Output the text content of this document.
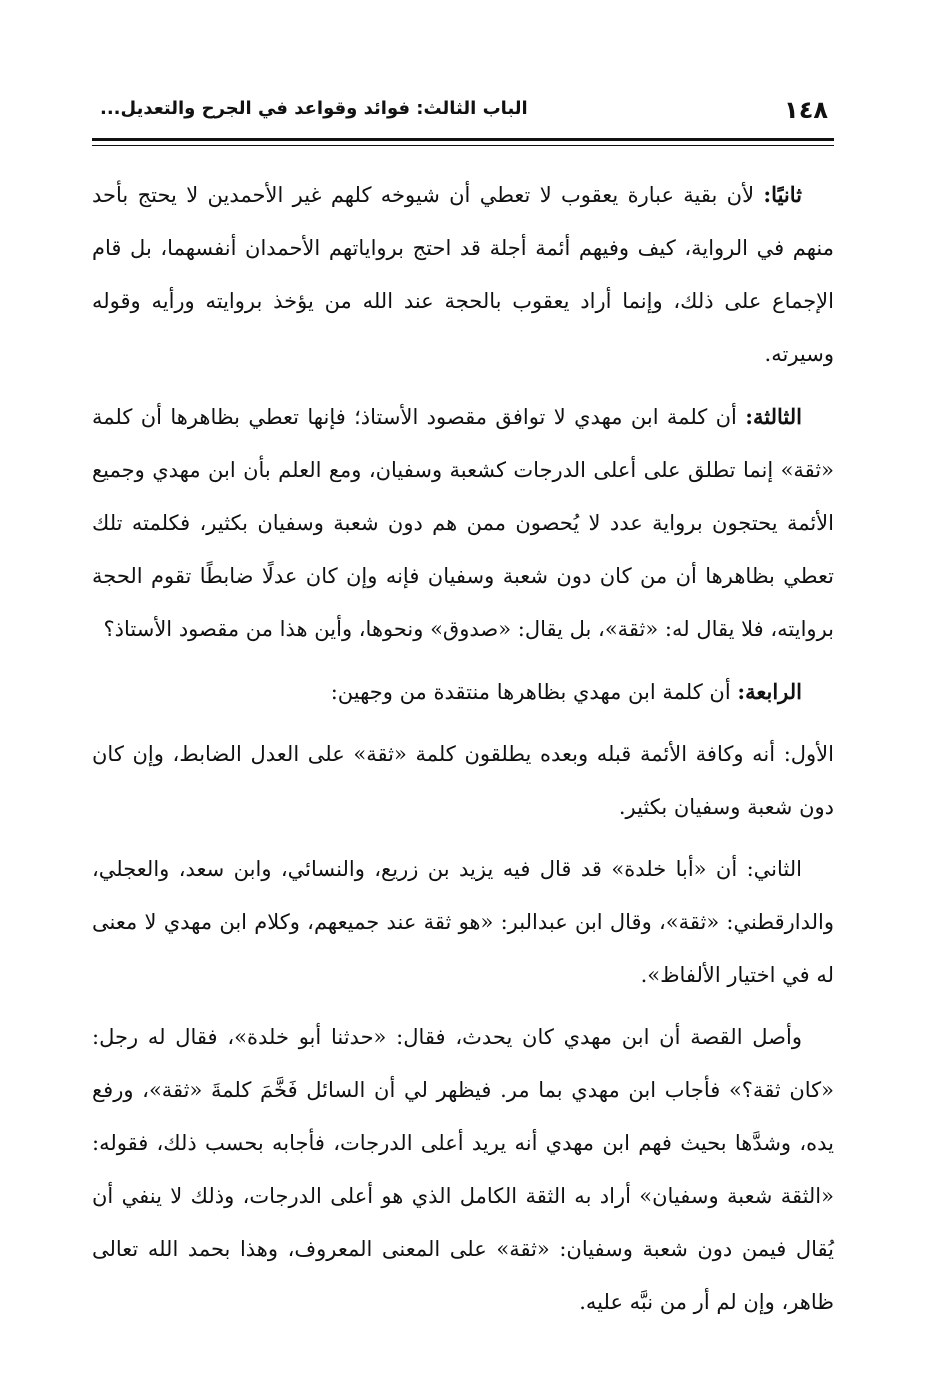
١٤٨
الباب الثالث: فوائد وقواعد في الجرح والتعديل...

ثانيًا: لأن بقية عبارة يعقوب لا تعطي أن شيوخه كلهم غير الأحمدين لا يحتج بأحد منهم في الرواية، كيف وفيهم أئمة أجلة قد احتج برواياتهم الأحمدان أنفسهما، بل قام الإجماع على ذلك، وإنما أراد يعقوب بالحجة عند الله من يؤخذ بروايته ورأيه وقوله وسيرته.

الثالثة: أن كلمة ابن مهدي لا توافق مقصود الأستاذ؛ فإنها تعطي بظاهرها أن كلمة «ثقة» إنما تطلق على أعلى الدرجات كشعبة وسفيان، ومع العلم بأن ابن مهدي وجميع الأئمة يحتجون برواية عدد لا يُحصون ممن هم دون شعبة وسفيان بكثير، فكلمته تلك تعطي بظاهرها أن من كان دون شعبة وسفيان فإنه وإن كان عدلًا ضابطًا تقوم الحجة بروايته، فلا يقال له: «ثقة»، بل يقال: «صدوق» ونحوها، وأين هذا من مقصود الأستاذ؟

الرابعة: أن كلمة ابن مهدي بظاهرها منتقدة من وجهين:

الأول: أنه وكافة الأئمة قبله وبعده يطلقون كلمة «ثقة» على العدل الضابط، وإن كان دون شعبة وسفيان بكثير.

الثاني: أن «أبا خلدة» قد قال فيه يزيد بن زريع، والنسائي، وابن سعد، والعجلي، والدارقطني: «ثقة»، وقال ابن عبدالبر: «هو ثقة عند جميعهم، وكلام ابن مهدي لا معنى له في اختيار الألفاظ».

وأصل القصة أن ابن مهدي كان يحدث، فقال: «حدثنا أبو خلدة»، فقال له رجل: «كان ثقة؟» فأجاب ابن مهدي بما مر. فيظهر لي أن السائل فَخَّمَ كلمةَ «ثقة»، ورفع يده، وشدَّها بحيث فهم ابن مهدي أنه يريد أعلى الدرجات، فأجابه بحسب ذلك، فقوله: «الثقة شعبة وسفيان» أراد به الثقة الكامل الذي هو أعلى الدرجات، وذلك لا ينفي أن يُقال فيمن دون شعبة وسفيان: «ثقة» على المعنى المعروف، وهذا بحمد الله تعالى ظاهر، وإن لم أر من نبَّه عليه.
